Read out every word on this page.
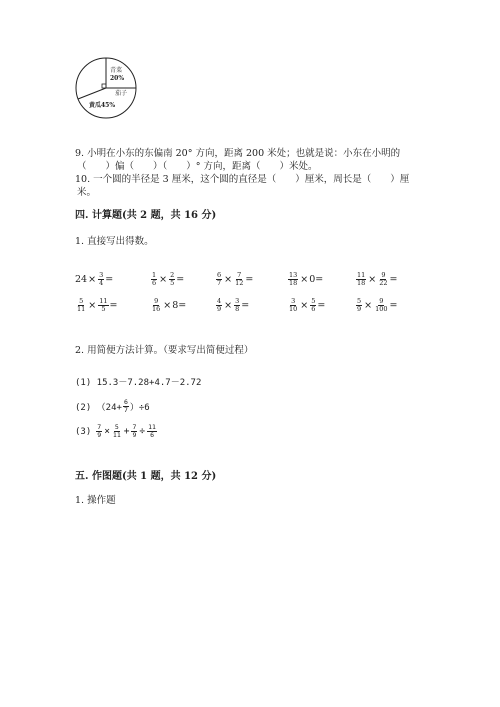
青菜
20%
茄子
黄瓜45%
9. 小明在小东的东偏南 20° 方向，距离 200 米处；也就是说：小东在小明的
（　　）偏（　　）（　　）° 方向，距离（　　）米处。
10. 一个圆的半径是 3 厘米，这个圆的直径是（　　）厘米，周长是（　　）厘
米。
四. 计算题(共 2 题，共 16 分)
1. 直接写出得数。
$24 \times \frac{3}{4}$ =	$\frac{1}{6} \times \frac{2}{5}$ =	$\frac{6}{7} \times \frac{7}{12}$ =	$\frac{13}{18} \times 0$ =	$\frac{11}{18} \times \frac{9}{22}$ =
$\frac{5}{11} \times \frac{11}{5}$ =	$\frac{9}{16} \times 8$ =	$\frac{4}{9} \times \frac{3}{8}$ =	$\frac{3}{10} \times \frac{5}{6}$ =	$\frac{5}{9} \times \frac{9}{100}$ =
2. 用简便方法计算。（要求写出简便过程）
(1) 15.3－7.28+4.7－2.72
(2) $(24+ \frac{6}{7} )\div 6$
$(3) \frac{7}{9} \times \frac{5}{11} + \frac{7}{9} \div \frac{11}{6}$
五. 作图题(共 1 题，共 12 分)
1. 操作题
